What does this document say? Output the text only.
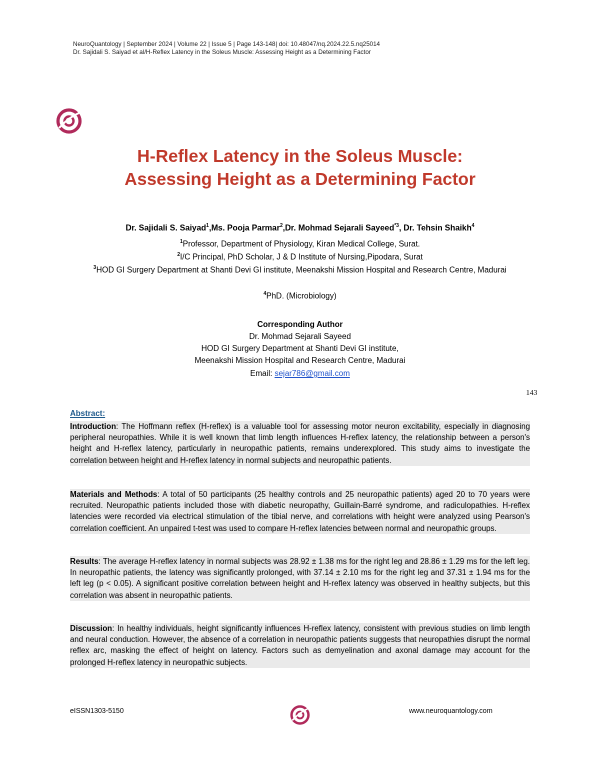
NeuroQuantology | September 2024 | Volume 22 | Issue 5 | Page 143-148| doi: 10.48047/nq.2024.22.5.nq25014
Dr. Sajidali S. Saiyad et al/H-Reflex Latency in the Soleus Muscle: Assessing Height as a Determining Factor
H-Reflex Latency in the Soleus Muscle:
Assessing Height as a Determining Factor
Dr. Sajidali S. Saiyad$^1$,Ms. Pooja Parmar$^2$,Dr. Mohmad Sejarali Sayeed$^{*3}$, Dr. Tehsin Shaikh$^4$
$^1$Professor, Department of Physiology, Kiran Medical College, Surat.
$^2$I/C Principal, PhD Scholar, J & D Institute of Nursing,Pipodara, Surat
$^3$HOD GI Surgery Department at Shanti Devi GI institute, Meenakshi Mission Hospital and Research Centre, Madurai
$^4$PhD. (Microbiology)
Corresponding Author
Dr. Mohmad Sejarali Sayeed
HOD GI Surgery Department at Shanti Devi GI institute,
Meenakshi Mission Hospital and Research Centre, Madurai
Email: sejar786@gmail.com
143
Abstract:
Introduction: The Hoffmann reflex (H-reflex) is a valuable tool for assessing motor neuron excitability, especially in diagnosing peripheral neuropathies. While it is well known that limb length influences H-reflex latency, the relationship between a person's height and H-reflex latency, particularly in neuropathic patients, remains underexplored. This study aims to investigate the correlation between height and H-reflex latency in normal subjects and neuropathic patients.
Materials and Methods: A total of 50 participants (25 healthy controls and 25 neuropathic patients) aged 20 to 70 years were recruited. Neuropathic patients included those with diabetic neuropathy, Guillain-Barré syndrome, and radiculopathies. H-reflex latencies were recorded via electrical stimulation of the tibial nerve, and correlations with height were analyzed using Pearson's correlation coefficient. An unpaired t-test was used to compare H-reflex latencies between normal and neuropathic groups.
Results: The average H-reflex latency in normal subjects was 28.92 ± 1.38 ms for the right leg and 28.86 ± 1.29 ms for the left leg. In neuropathic patients, the latency was significantly prolonged, with 37.14 ± 2.10 ms for the right leg and 37.31 ± 1.94 ms for the left leg (p < 0.05). A significant positive correlation between height and H-reflex latency was observed in healthy subjects, but this correlation was absent in neuropathic patients.
Discussion: In healthy individuals, height significantly influences H-reflex latency, consistent with previous studies on limb length and neural conduction. However, the absence of a correlation in neuropathic patients suggests that neuropathies disrupt the normal reflex arc, masking the effect of height on latency. Factors such as demyelination and axonal damage may account for the prolonged H-reflex latency in neuropathic subjects.
eISSN1303-5150	www.neuroquantology.com
